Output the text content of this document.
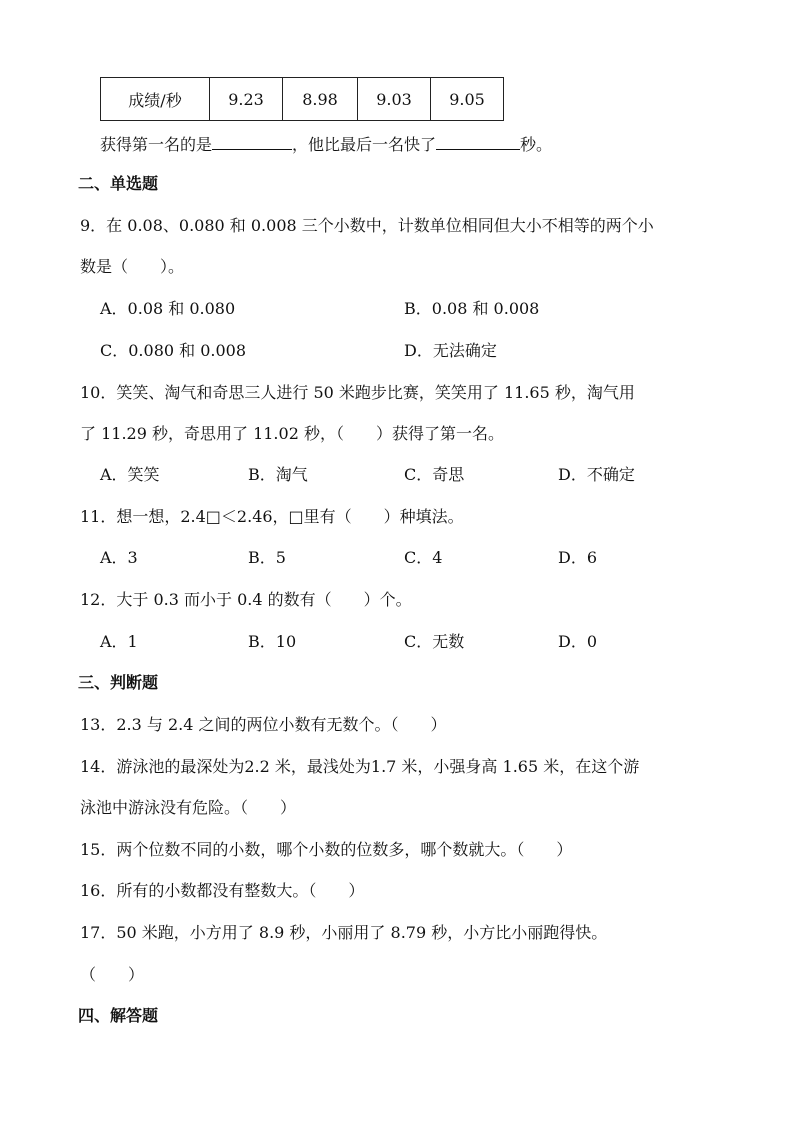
成绩/秒	9.23	8.98	9.03	9.05
获得第一名的是	，他比最后一名快了	秒。
二、单选题
9．在 0.08、0.080 和 0.008 三个小数中，计数单位相同但大小不相等的两个小
数是（　　）。
A．0.08 和 0.080	B．0.08 和 0.008
C．0.080 和 0.008	D．无法确定
10．笑笑、淘气和奇思三人进行 50 米跑步比赛，笑笑用了 11.65 秒，淘气用
了 11.29 秒，奇思用了 11.02 秒，（　　）获得了第一名。
A．笑笑	B．淘气	C．奇思	D．不确定
11．想一想，2.4□＜2.46，□里有（　　）种填法。
A．3	B．5	C．4	D．6
12．大于 0.3 而小于 0.4 的数有（　　）个。
A．1	B．10	C．无数	D．0
三、判断题
13．2.3 与 2.4 之间的两位小数有无数个。（　　）
14．游泳池的最深处为2.2 米，最浅处为1.7 米，小强身高 1.65 米，在这个游
泳池中游泳没有危险。（　　）
15．两个位数不同的小数，哪个小数的位数多，哪个数就大。（　　）
16．所有的小数都没有整数大。（　　）
17．50 米跑，小方用了 8.9 秒，小丽用了 8.79 秒，小方比小丽跑得快。
（　　）
四、解答题
